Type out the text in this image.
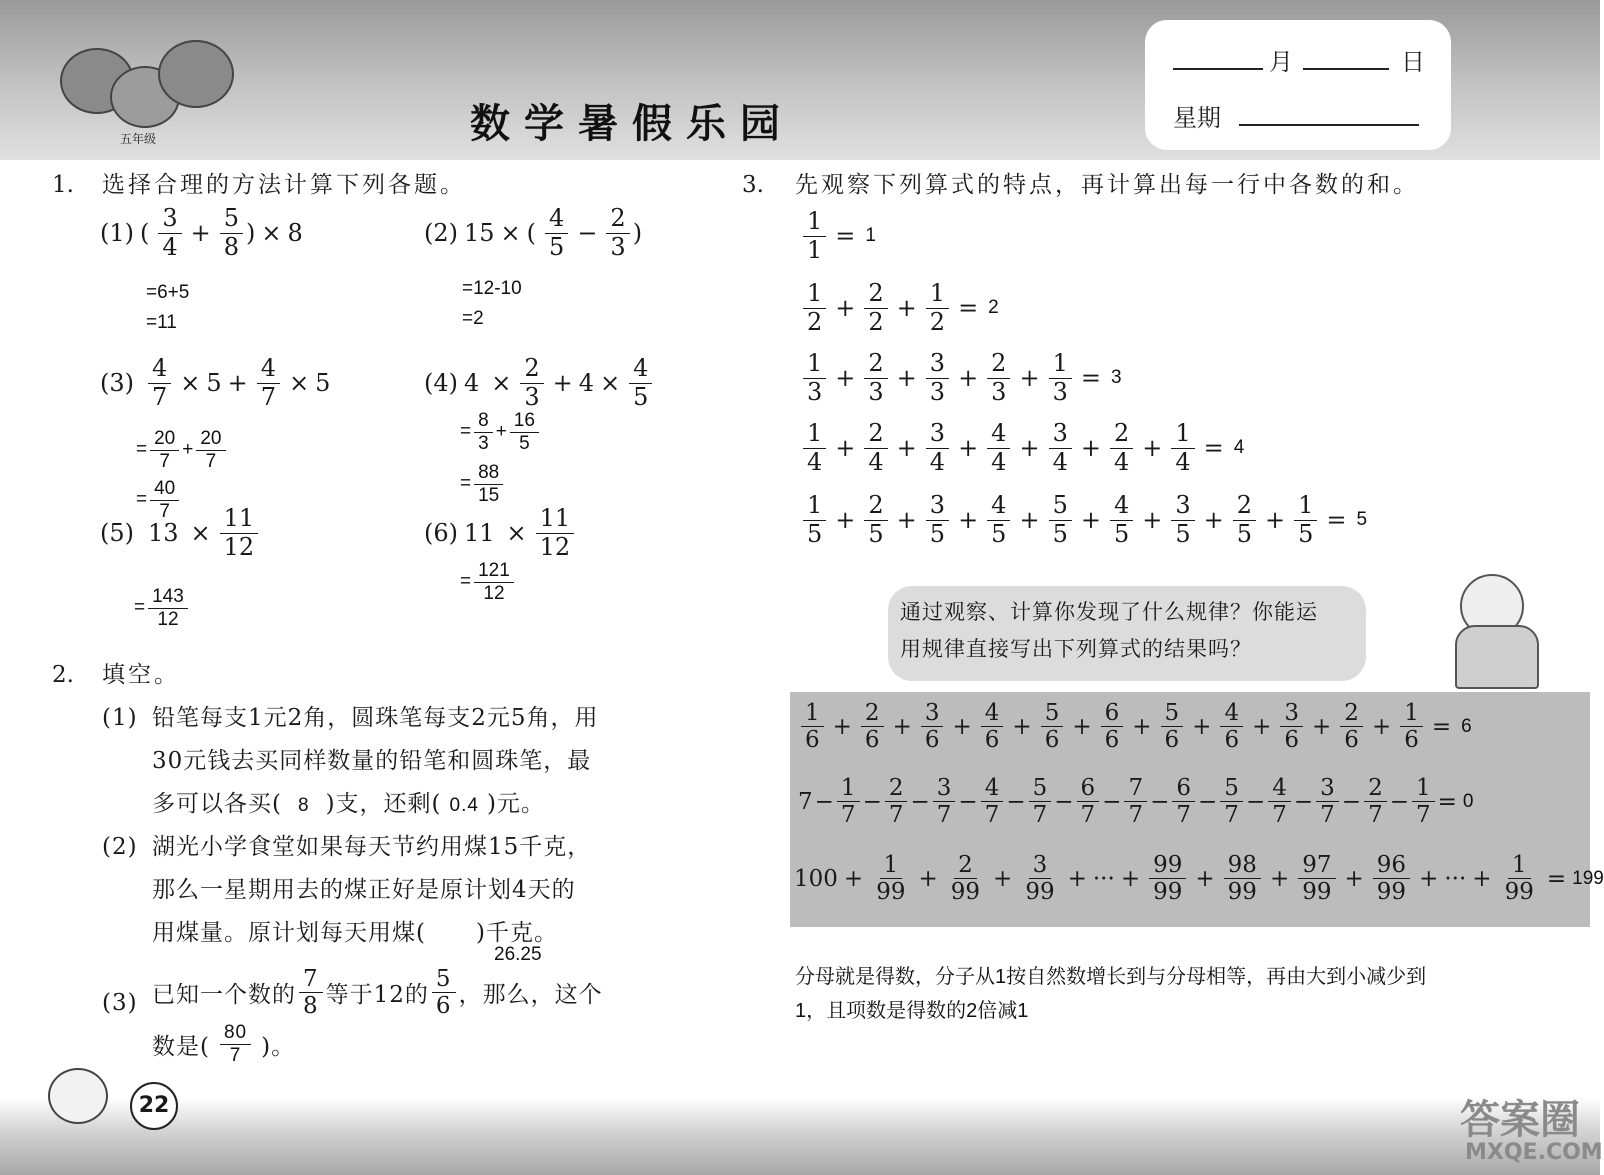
五年级	数学暑假乐园
月	日
星期
1. 选择合理的方法计算下列各题。
(1) ( $\frac{3}{4} + \frac{5}{8}$ ) × 8
=6+5
=11
(2) 15 × ( $\frac{4}{5} - \frac{2}{3}$ )
=12-10
=2
$(3) \frac{4}{7} \times 5 + \frac{4}{7} \times 5$
= $\frac{20}{7} + \frac{20}{7}$
= $\frac{40}{7}$
(4) $4 \times \frac{2}{3} + 4 \times \frac{4}{5}$
= $\frac{8}{3} + \frac{16}{5}$
= $\frac{88}{15}$
(5) $13 \times \frac{11}{12}$
= $\frac{143}{12}$
(6) $11 \times \frac{11}{12}$
= $\frac{121}{12}$
2. 填空。
(1) 铅笔每支1元2角，圆珠笔每支2元5角，用
30元钱去买同样数量的铅笔和圆珠笔，最
多可以各买( 8 )支，还剩( 0.4 )元。
(2) 湖光小学食堂如果每天节约用煤15千克，
那么一星期用去的煤正好是原计划4天的
用煤量。原计划每天用煤( )千克。
26.25
(3) 已知一个数的 $\frac{7}{8}$ 等于12的 $\frac{5}{6}$ ，那么，这个
数是( $\frac{80}{7}$ )。
3. 先观察下列算式的特点，再计算出每一行中各数的和。
$\frac{1}{1} = 1$
$\frac{1}{2} + \frac{2}{2} + \frac{1}{2} = 2$
$\frac{1}{3} + \frac{2}{3} + \frac{3}{3} + \frac{2}{3} + \frac{1}{3} = 3$
$\frac{1}{4} + \frac{2}{4} + \frac{3}{4} + \frac{4}{4} + \frac{3}{4} + \frac{2}{4} + \frac{1}{4} = 4$
$\frac{1}{5} + \frac{2}{5} + \frac{3}{5} + \frac{4}{5} + \frac{5}{5} + \frac{4}{5} + \frac{3}{5} + \frac{2}{5} + \frac{1}{5} = 5$
通过观察、计算你发现了什么规律？你能运
用规律直接写出下列算式的结果吗？
$\frac{1}{6} + \frac{2}{6} + \frac{3}{6} + \frac{4}{6} + \frac{5}{6} + \frac{6}{6} + \frac{5}{6} + \frac{4}{6} + \frac{3}{6} + \frac{2}{6} + \frac{1}{6} = 6$
$7 - \frac{1}{7} - \frac{2}{7} - \frac{3}{7} - \frac{4}{7} - \frac{5}{7} - \frac{6}{7} - \frac{7}{7} - \frac{6}{7} - \frac{5}{7} - \frac{4}{7} - \frac{3}{7} - \frac{2}{7} - \frac{1}{7} = 0$
$100 + \frac{1}{99} + \frac{2}{99} + \frac{3}{99}$ + ··· + $\frac{99}{99} + \frac{98}{99} + \frac{97}{99} + \frac{96}{99}$ + ··· + $\frac{1}{99} = 199$
分母就是得数，分子从1按自然数增长到与分母相等，再由大到小减少到
1，且项数是得数的2倍减1
22	答案圈
MXQE.COM
